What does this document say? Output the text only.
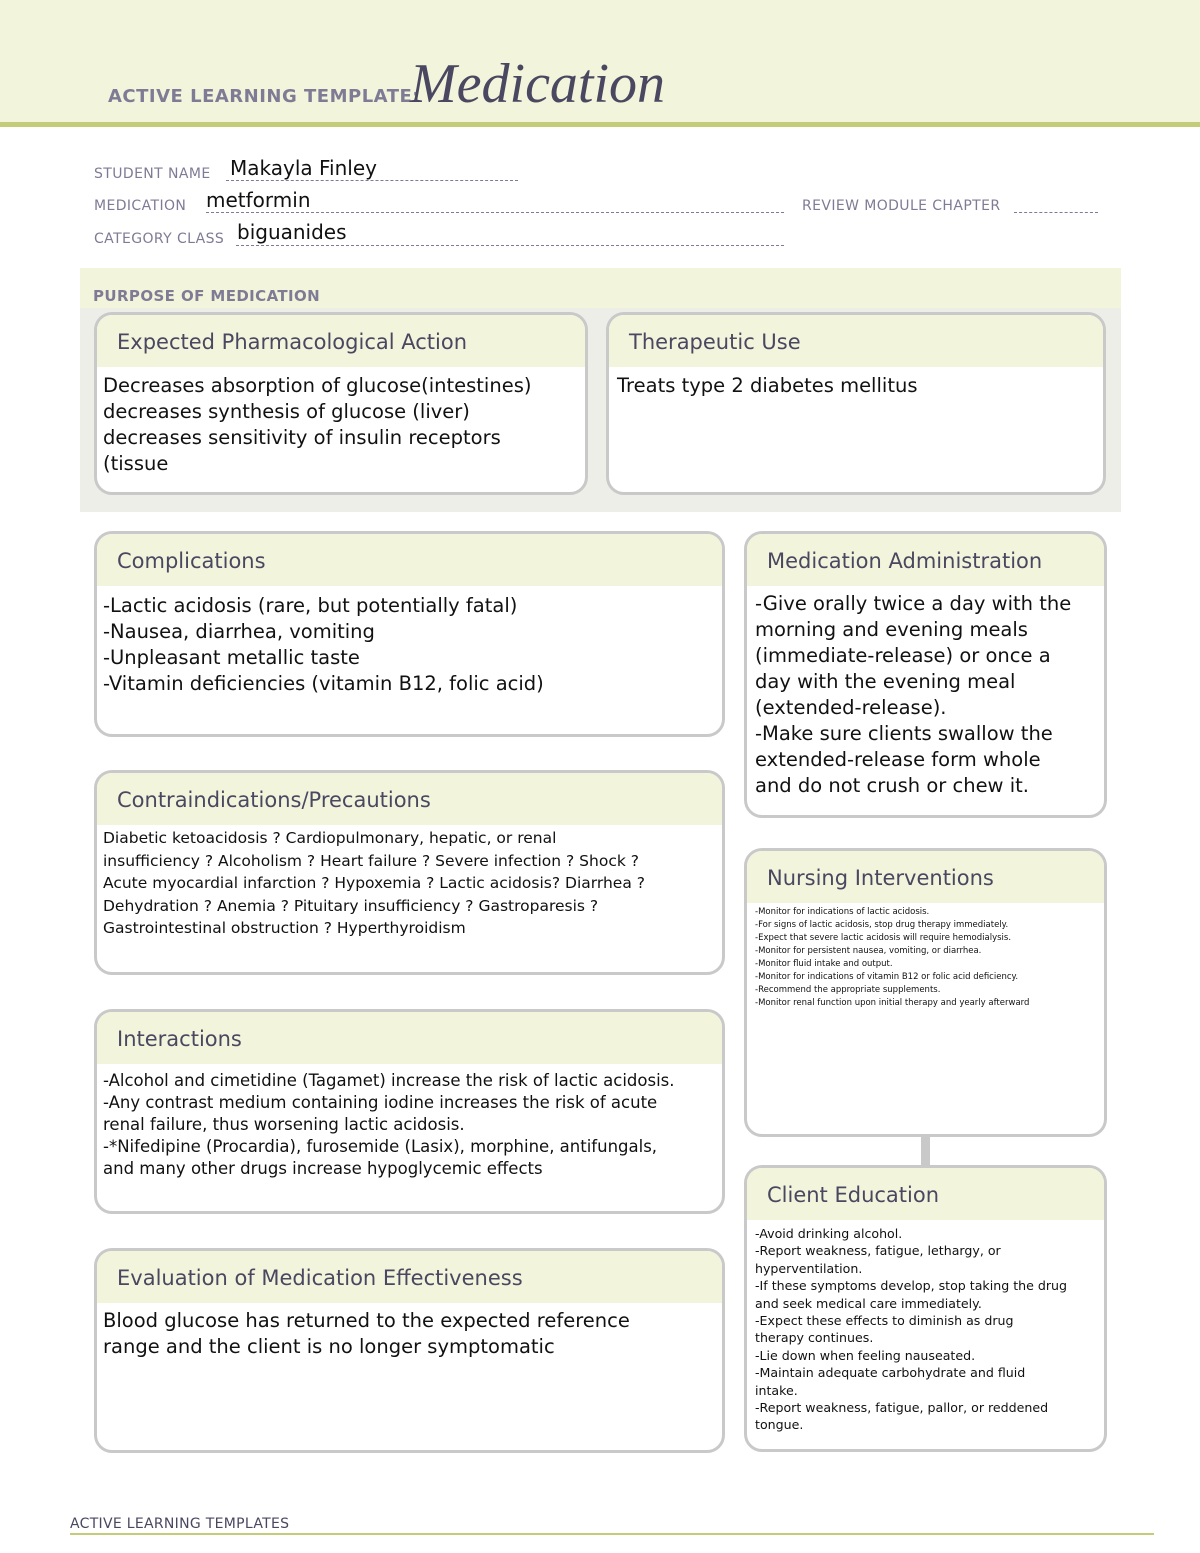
ACTIVE LEARNING TEMPLATE:
Medication
STUDENT NAME Makayla Finley
MEDICATION metformin	REVIEW MODULE CHAPTER
CATEGORY CLASS biguanides
PURPOSE OF MEDICATION
Expected Pharmacological Action
Decreases absorption of glucose(intestines)
decreases synthesis of glucose (liver)
decreases sensitivity of insulin receptors
(tissue
Therapeutic Use
Treats type 2 diabetes mellitus
Complications
-Lactic acidosis (rare, but potentially fatal)
-Nausea, diarrhea, vomiting
-Unpleasant metallic taste
-Vitamin deficiencies (vitamin B12, folic acid)
Contraindications/Precautions
Diabetic ketoacidosis ? Cardiopulmonary, hepatic, or renal
insufficiency ? Alcoholism ? Heart failure ? Severe infection ? Shock ?
Acute myocardial infarction ? Hypoxemia ? Lactic acidosis? Diarrhea ?
Dehydration ? Anemia ? Pituitary insufficiency ? Gastroparesis ?
Gastrointestinal obstruction ? Hyperthyroidism
Interactions
-Alcohol and cimetidine (Tagamet) increase the risk of lactic acidosis.
-Any contrast medium containing iodine increases the risk of acute
renal failure, thus worsening lactic acidosis.
-*Nifedipine (Procardia), furosemide (Lasix), morphine, antifungals,
and many other drugs increase hypoglycemic effects
Evaluation of Medication Effectiveness
Blood glucose has returned to the expected reference
range and the client is no longer symptomatic
Medication Administration
-Give orally twice a day with the
morning and evening meals
(immediate-release) or once a
day with the evening meal
(extended-release).
-Make sure clients swallow the
extended-release form whole
and do not crush or chew it.
Nursing Interventions
-Monitor for indications of lactic acidosis.
-For signs of lactic acidosis, stop drug therapy immediately.
-Expect that severe lactic acidosis will require hemodialysis.
-Monitor for persistent nausea, vomiting, or diarrhea.
-Monitor fluid intake and output.
-Monitor for indications of vitamin B12 or folic acid deficiency.
-Recommend the appropriate supplements.
-Monitor renal function upon initial therapy and yearly afterward
Client Education
-Avoid drinking alcohol.
-Report weakness, fatigue, lethargy, or
hyperventilation.
-If these symptoms develop, stop taking the drug
and seek medical care immediately.
-Expect these effects to diminish as drug
therapy continues.
-Lie down when feeling nauseated.
-Maintain adequate carbohydrate and fluid
intake.
-Report weakness, fatigue, pallor, or reddened
tongue.
ACTIVE LEARNING TEMPLATES
